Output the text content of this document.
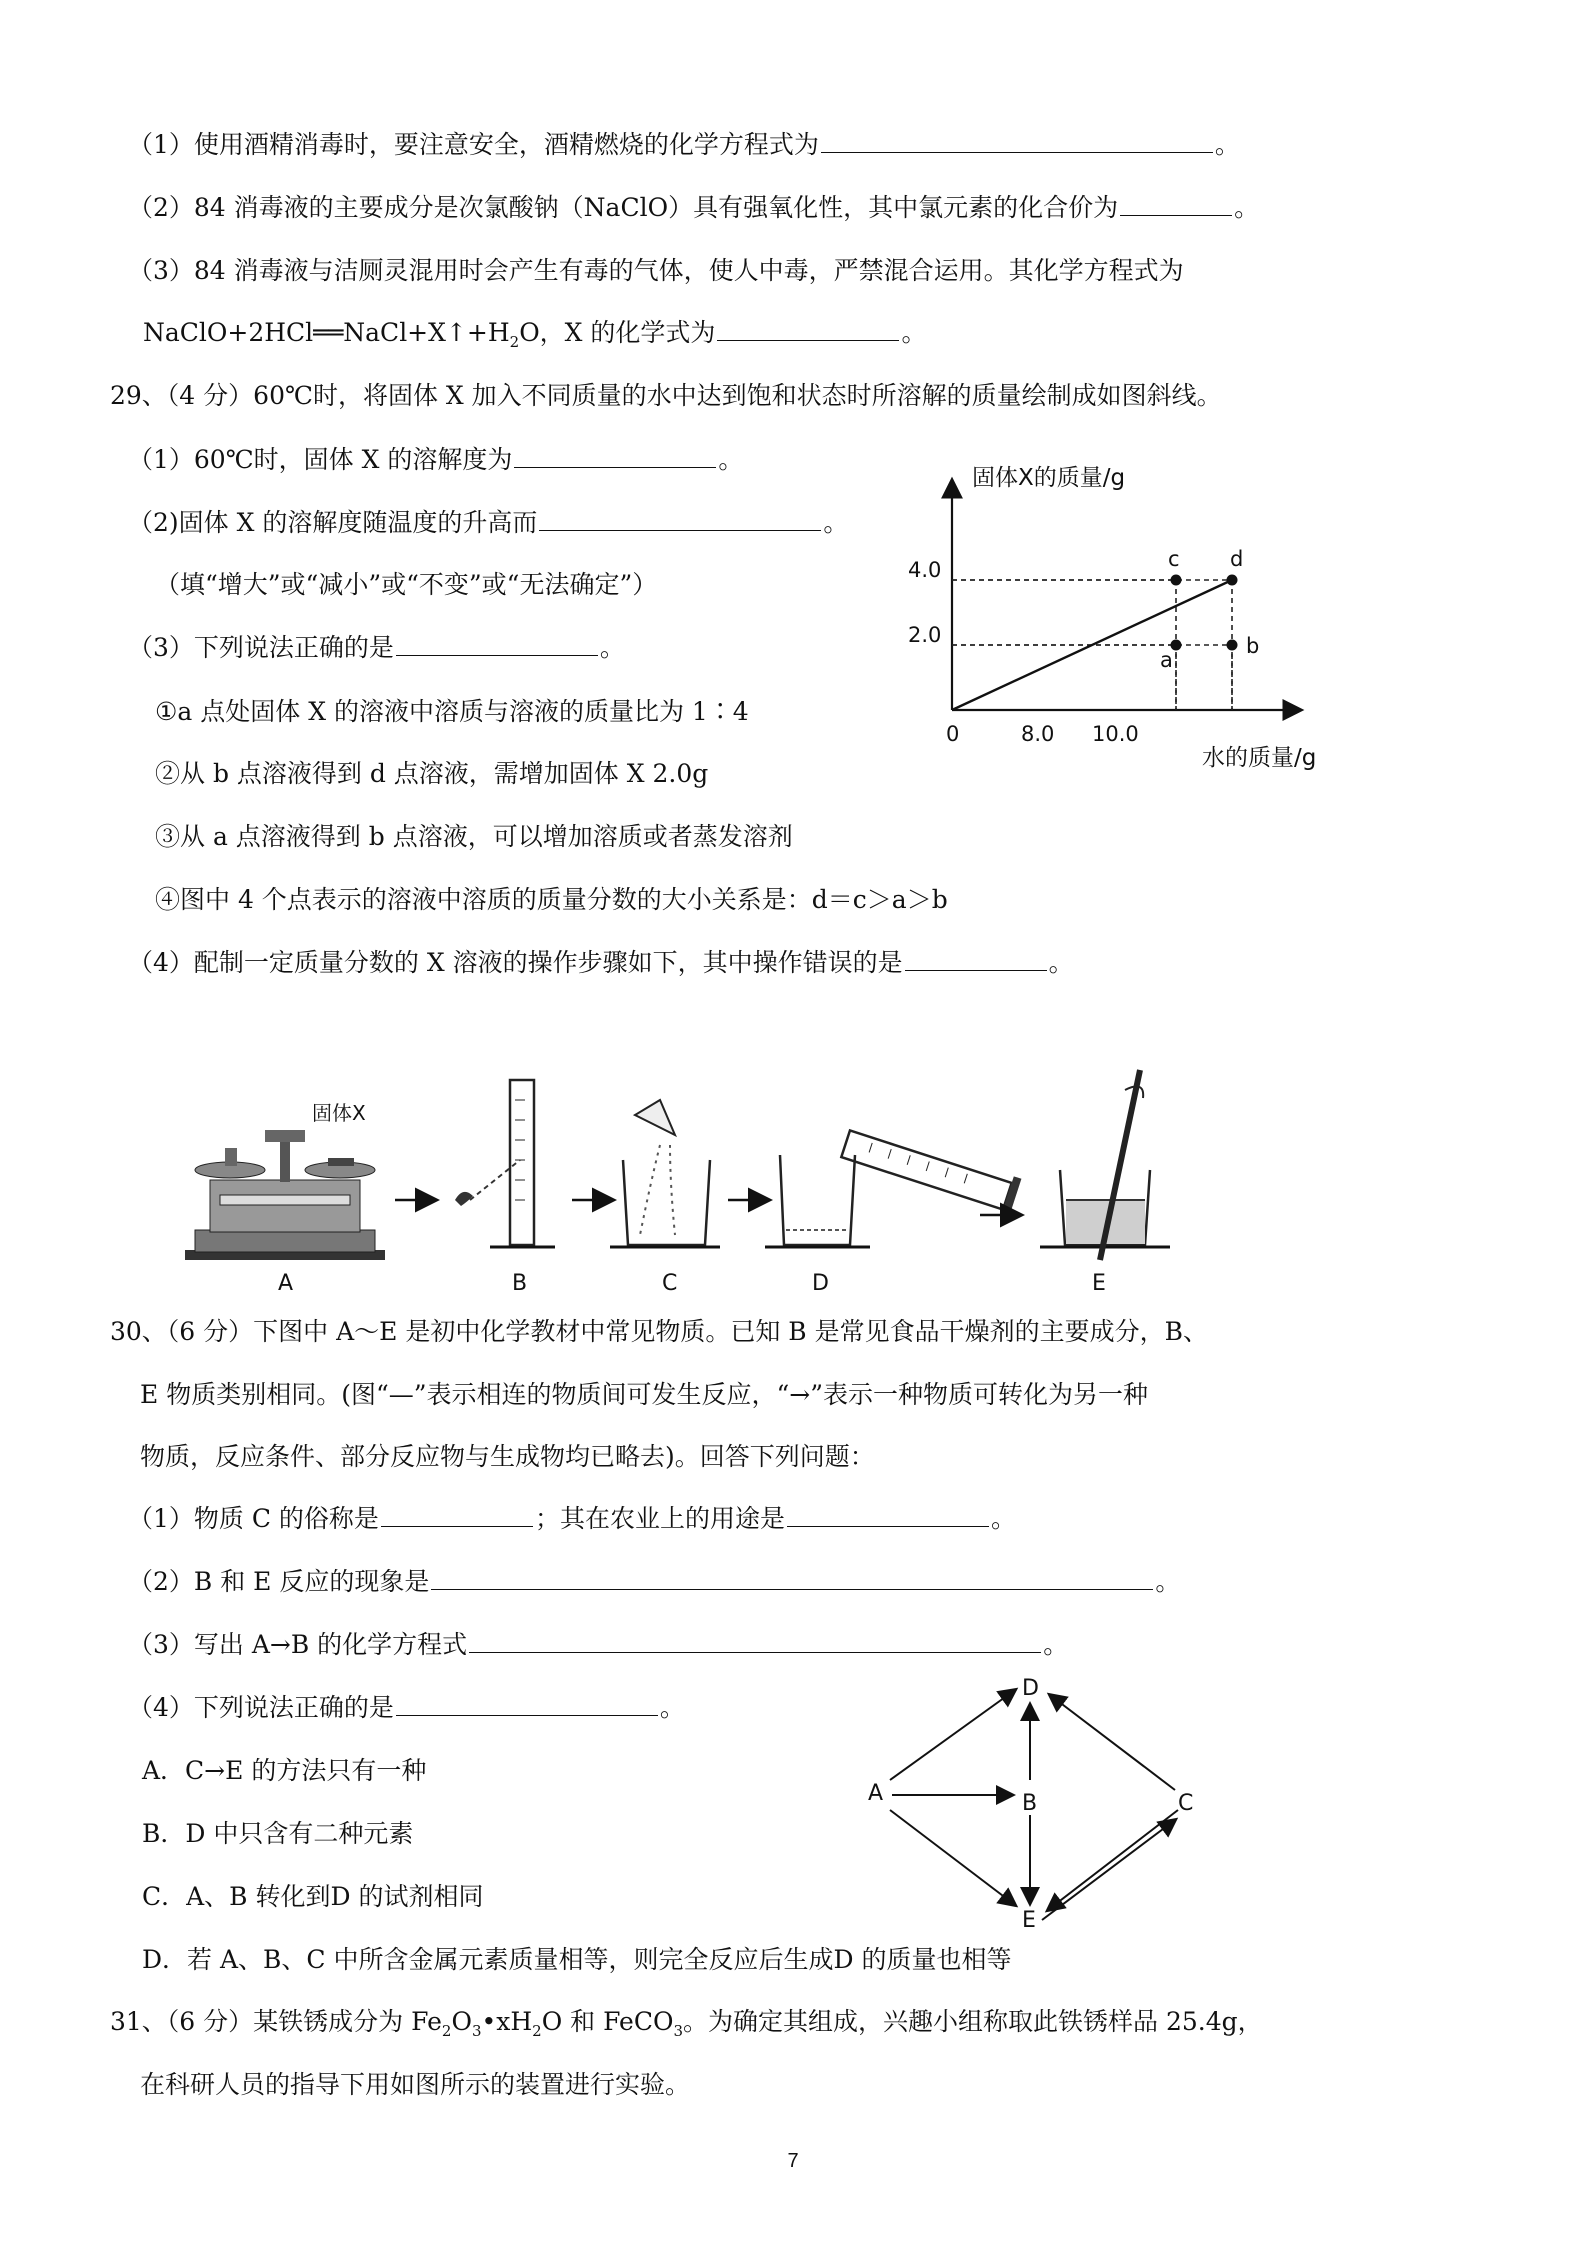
（1）使用酒精消毒时，要注意安全，酒精燃烧的化学方程式为	。
（2）84 消毒液的主要成分是次氯酸钠（NaClO）具有强氧化性，其中氯元素的化合价为	。
（3）84 消毒液与洁厕灵混用时会产生有毒的气体，使人中毒，严禁混合运用。其化学方程式为
$NaClO+2HCl══NaCl+X↑+H_2O$，X 的化学式为	。
29、（4 分）60℃时，将固体 X 加入不同质量的水中达到饱和状态时所溶解的质量绘制成如图斜线。
（1）60℃时，固体 X 的溶解度为	。
（2)固体 X 的溶解度随温度的升高而	。
（填“增大”或“减小”或“不变”或“无法确定”）
（3）下列说法正确的是	。
①a 点处固体 X 的溶液中溶质与溶液的质量比为 1∶4
②从 b 点溶液得到 d 点溶液，需增加固体 X 2.0g
③从 a 点溶液得到 b 点溶液，可以增加溶质或者蒸发溶剂
④图中 4 个点表示的溶液中溶质的质量分数的大小关系是：d＝c＞a＞b
（4）配制一定质量分数的 X 溶液的操作步骤如下，其中操作错误的是	。
固体X的质量/g
水的质量/g
0	8.0 10.0
2.0
4.0
a
b
c d
固体X
A	B	C	D	E
30、（6 分）下图中 A～E 是初中化学教材中常见物质。已知 B 是常见食品干燥剂的主要成分，B、
E 物质类别相同。(图“—”表示相连的物质间可发生反应，“→”表示一种物质可转化为另一种
物质，反应条件、部分反应物与生成物均已略去)。回答下列问题：
（1）物质 C 的俗称是	；其在农业上的用途是	。
（2）B 和 E 反应的现象是	。
（3）写出 A→B 的化学方程式	。
（4）下列说法正确的是	。
A．C→E 的方法只有一种
B．D 中只含有二种元素
C．A、B 转化到D 的试剂相同
D．若 A、B、C 中所含金属元素质量相等，则完全反应后生成D 的质量也相等
D
A	B	C
E
31、（6 分）某铁锈成分为 $Fe_2O_3•xH_2O$ 和 FeCO$_3$。为确定其组成，兴趣小组称取此铁锈样品 25.4g，
在科研人员的指导下用如图所示的装置进行实验。
7
